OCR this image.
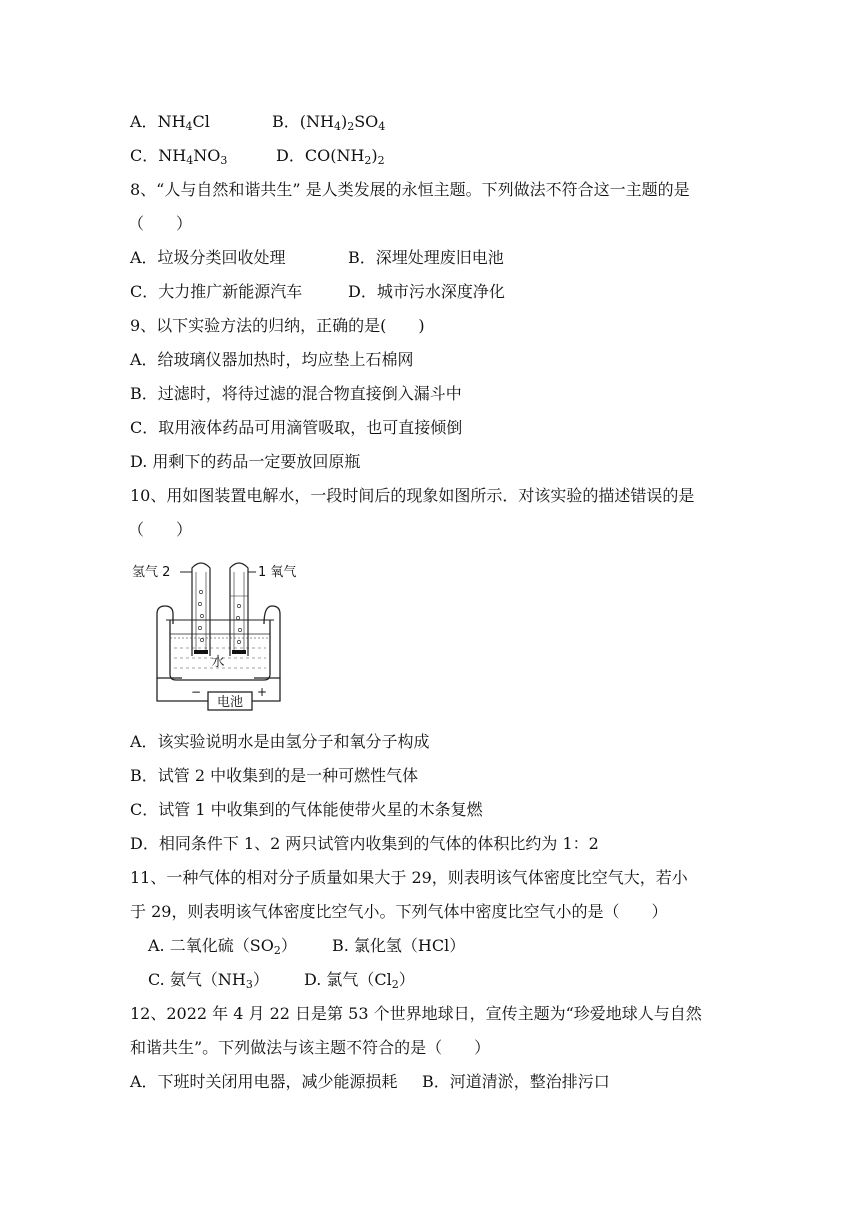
A．$NH_4Cl$	B．$(NH_4)_2SO_4$
C．$NH_4NO_3$	D．$CO(NH_2)_2$
8、“人与自然和谐共生” 是人类发展的永恒主题。下列做法不符合这一主题的是
（　　）
A．垃圾分类回收处理	B．深埋处理废旧电池
C．大力推广新能源汽车	D．城市污水深度净化
9、以下实验方法的归纳，正确的是(　　)
A．给玻璃仪器加热时，均应垫上石棉网
B．过滤时，将待过滤的混合物直接倒入漏斗中
C．取用液体药品可用滴管吸取，也可直接倾倒
D. 用剩下的药品一定要放回原瓶
10、用如图装置电解水，一段时间后的现象如图所示．对该实验的描述错误的是
（　　）
电池
−	+
水
氢气 2	1 氧气
A．该实验说明水是由氢分子和氧分子构成
B．试管 2 中收集到的是一种可燃性气体
C．试管 1 中收集到的气体能使带火星的木条复燃
D．相同条件下 1、2 两只试管内收集到的气体的体积比约为 1：2
11、一种气体的相对分子质量如果大于 29，则表明该气体密度比空气大，若小
于 29，则表明该气体密度比空气小。下列气体中密度比空气小的是（　　）
A. 二氧化硫$(SO_2)$ B. 氯化氢（HCl）
C. 氨气$(NH_3)$ D. 氯气$(Cl_2)$
12、2022 年 4 月 22 日是第 53 个世界地球日，宣传主题为“珍爱地球人与自然
和谐共生”。下列做法与该主题不符合的是（　　）
A．下班时关闭用电器，减少能源损耗 B．河道清淤，整治排污口
